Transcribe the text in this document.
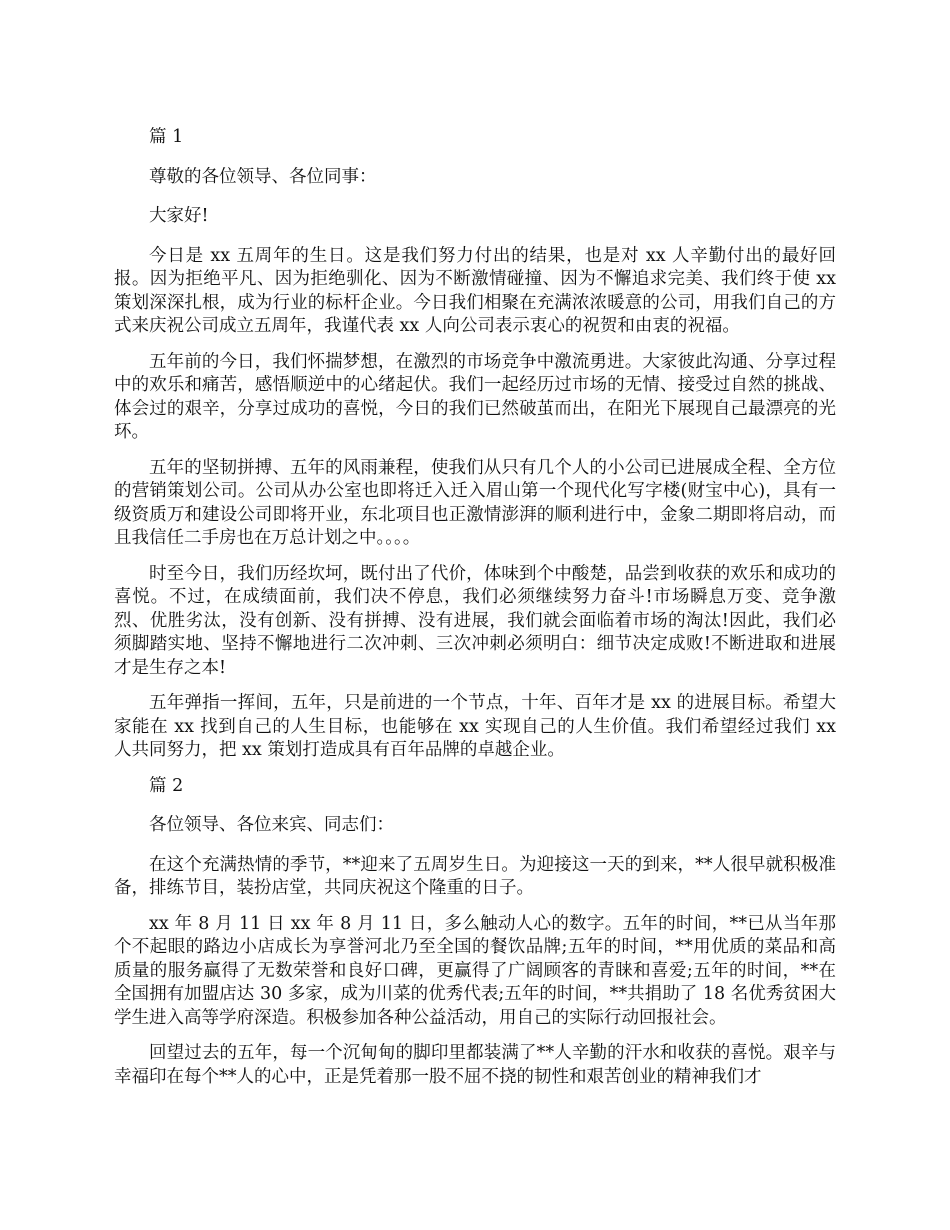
篇 1

尊敬的各位领导、各位同事：

大家好!

今日是 xx 五周年的生日。这是我们努力付出的结果，也是对 xx 人辛勤付出的最好回报。因为拒绝平凡、因为拒绝驯化、因为不断激情碰撞、因为不懈追求完美、我们终于使 xx 策划深深扎根，成为行业的标杆企业。今日我们相聚在充满浓浓暖意的公司，用我们自己的方式来庆祝公司成立五周年，我谨代表 xx 人向公司表示衷心的祝贺和由衷的祝福。

五年前的今日，我们怀揣梦想，在激烈的市场竞争中激流勇进。大家彼此沟通、分享过程中的欢乐和痛苦，感悟顺逆中的心绪起伏。我们一起经历过市场的无情、接受过自然的挑战、体会过的艰辛，分享过成功的喜悦，今日的我们已然破茧而出，在阳光下展现自己最漂亮的光环。

五年的坚韧拼搏、五年的风雨兼程，使我们从只有几个人的小公司已进展成全程、全方位的营销策划公司。公司从办公室也即将迁入迁入眉山第一个现代化写字楼(财宝中心)，具有一级资质万和建设公司即将开业，东北项目也正激情澎湃的顺利进行中，金象二期即将启动，而且我信任二手房也在万总计划之中。。。。

时至今日，我们历经坎坷，既付出了代价，体味到个中酸楚，品尝到收获的欢乐和成功的喜悦。不过，在成绩面前，我们决不停息，我们必须继续努力奋斗!市场瞬息万变、竞争激烈、优胜劣汰，没有创新、没有拼搏、没有进展，我们就会面临着市场的淘汰!因此，我们必须脚踏实地、坚持不懈地进行二次冲刺、三次冲刺必须明白：细节决定成败!不断进取和进展才是生存之本!

五年弹指一挥间，五年，只是前进的一个节点，十年、百年才是 xx 的进展目标。希望大家能在 xx 找到自己的人生目标，也能够在 xx 实现自己的人生价值。我们希望经过我们 xx 人共同努力，把 xx 策划打造成具有百年品牌的卓越企业。

篇 2

各位领导、各位来宾、同志们：

在这个充满热情的季节，**迎来了五周岁生日。为迎接这一天的到来，**人很早就积极准备，排练节目，装扮店堂，共同庆祝这个隆重的日子。

xx 年 8 月 11 日 xx 年 8 月 11 日，多么触动人心的数字。五年的时间，**已从当年那个不起眼的路边小店成长为享誉河北乃至全国的餐饮品牌;五年的时间，**用优质的菜品和高质量的服务赢得了无数荣誉和良好口碑，更赢得了广阔顾客的青睐和喜爱;五年的时间，**在全国拥有加盟店达 30 多家，成为川菜的优秀代表;五年的时间，**共捐助了 18 名优秀贫困大学生进入高等学府深造。积极参加各种公益活动，用自己的实际行动回报社会。

回望过去的五年，每一个沉甸甸的脚印里都装满了**人辛勤的汗水和收获的喜悦。艰辛与幸福印在每个**人的心中，正是凭着那一股不屈不挠的韧性和艰苦创业的精神我们才
